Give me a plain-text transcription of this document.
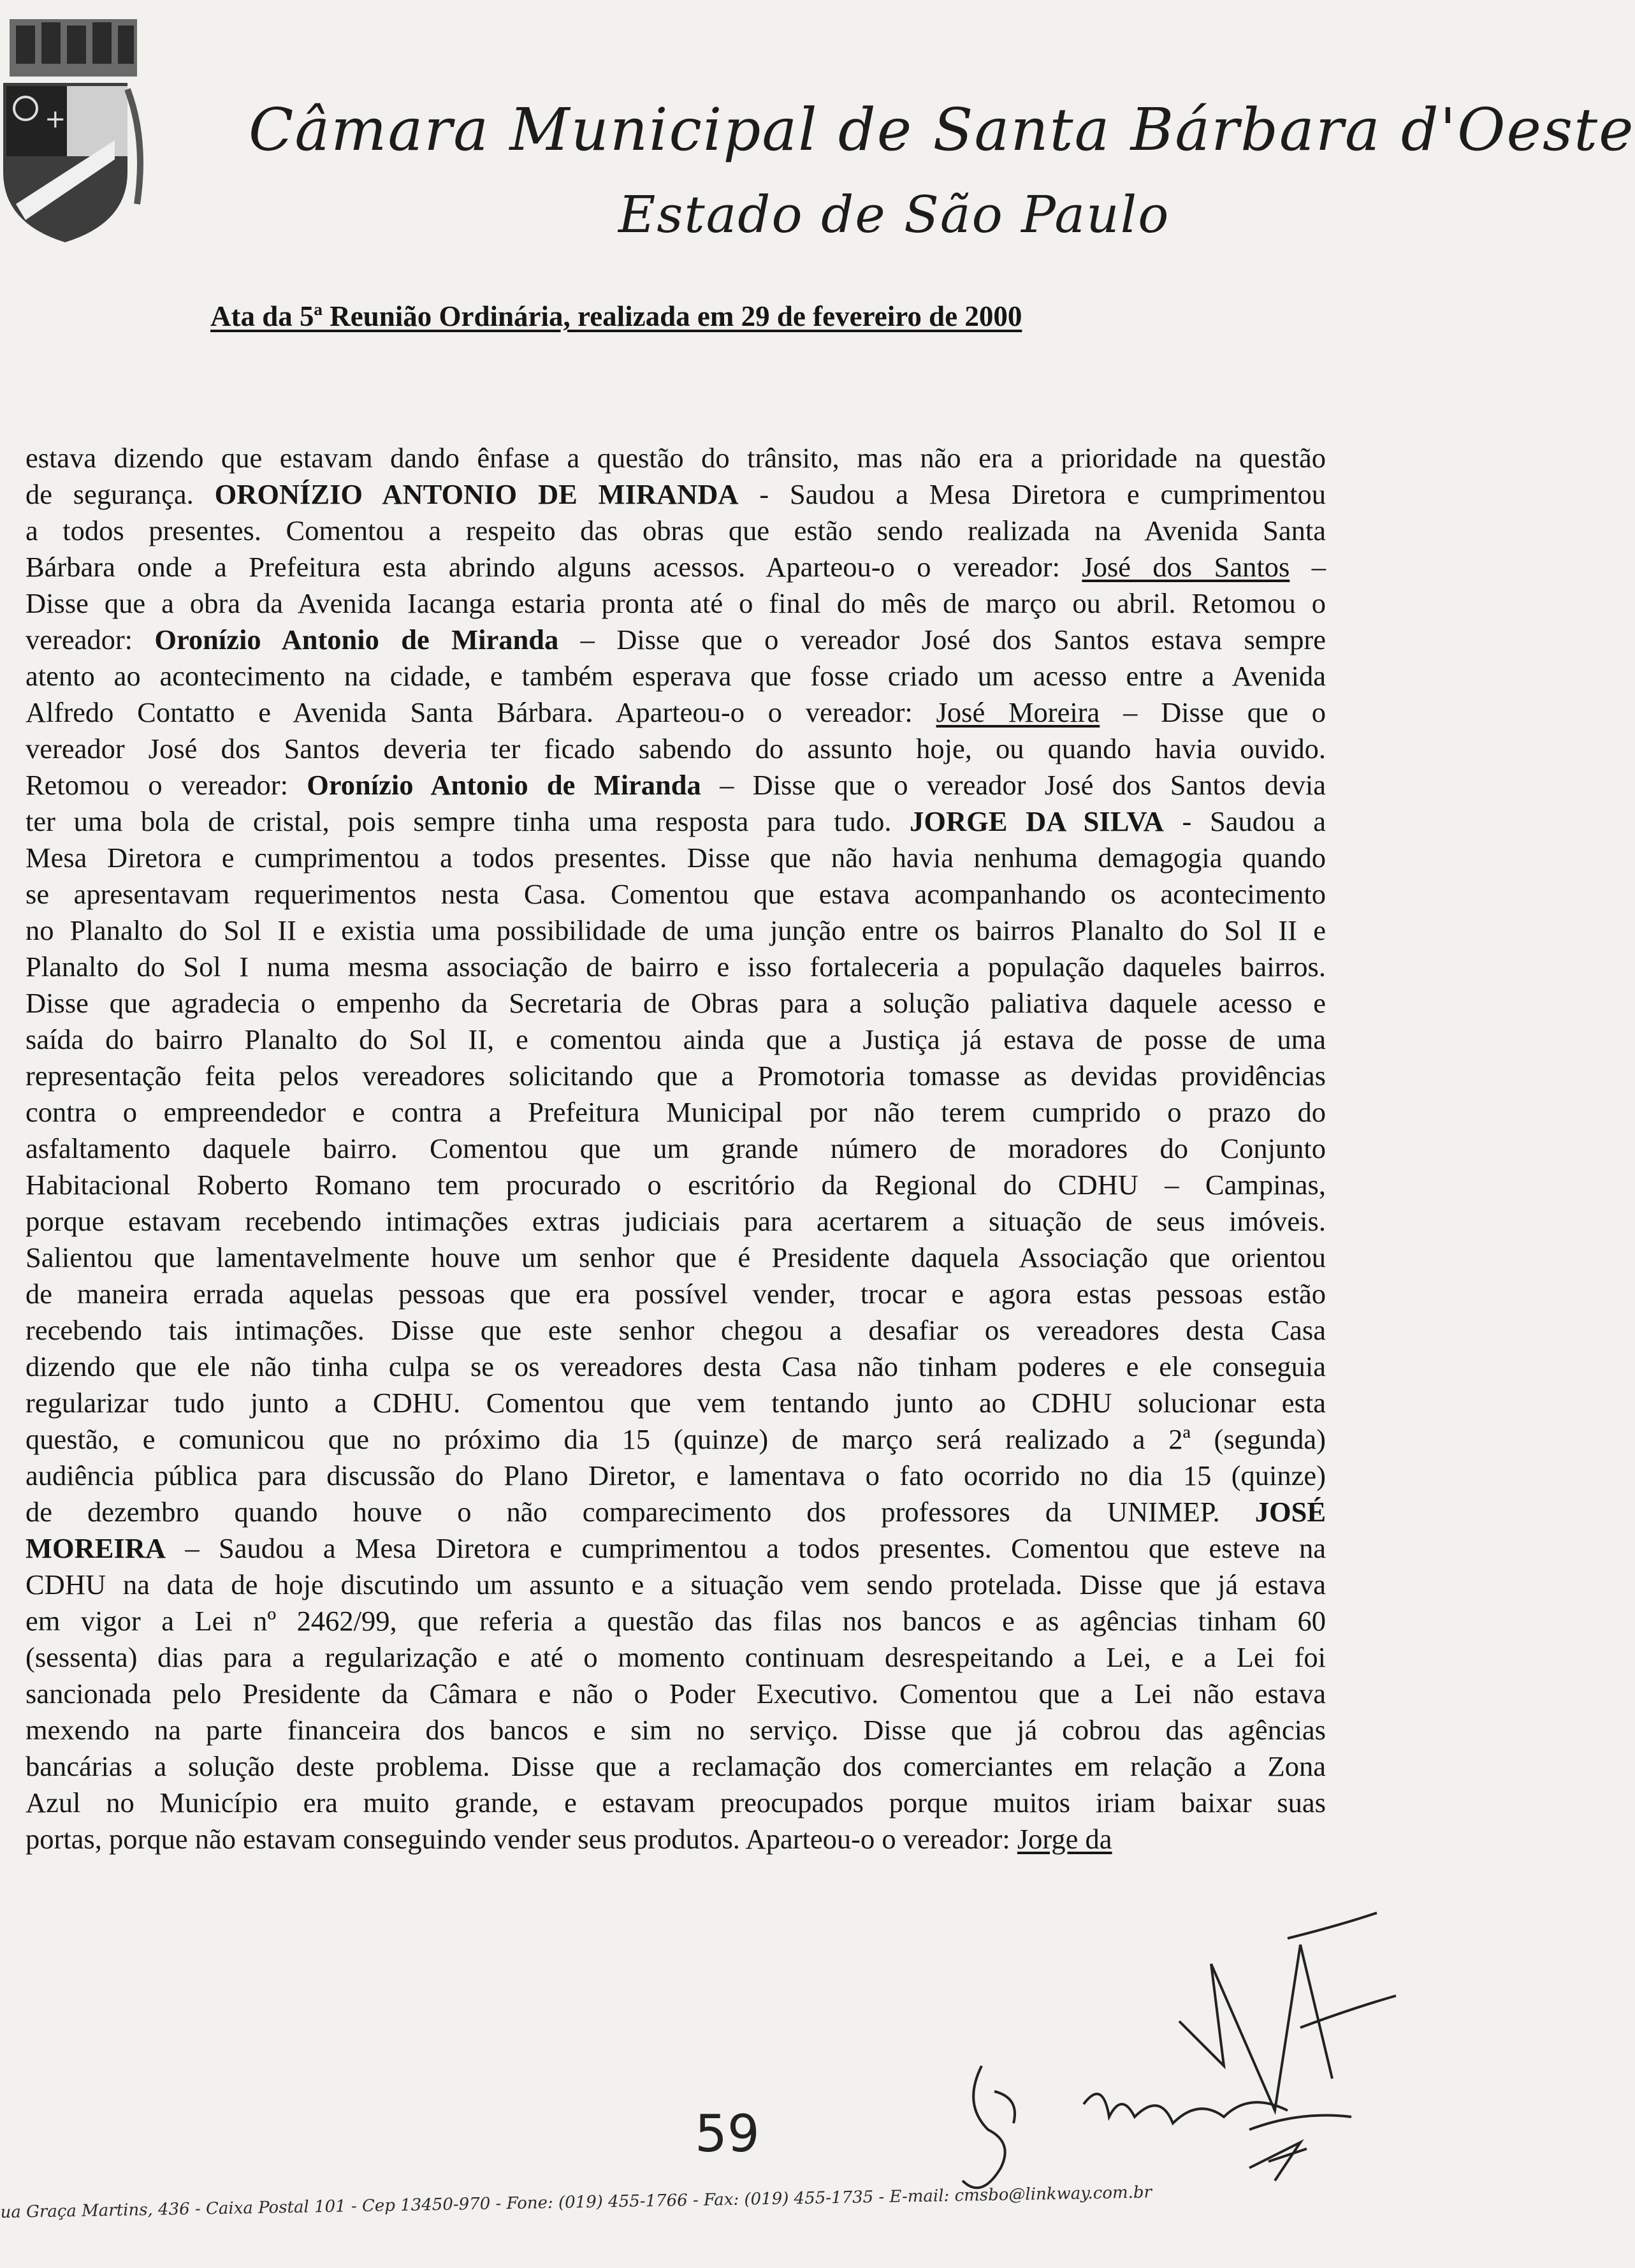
+	Câmara Municipal de Santa Bárbara d'Oeste
Estado de São Paulo
Ata da 5ª Reunião Ordinária, realizada em 29 de fevereiro de 2000
estava dizendo que estavam dando ênfase a questão do trânsito, mas não era a prioridade na questão
de segurança. ORONÍZIO ANTONIO DE MIRANDA - Saudou a Mesa Diretora e cumprimentou
a todos presentes. Comentou a respeito das obras que estão sendo realizada na Avenida Santa
Bárbara onde a Prefeitura esta abrindo alguns acessos. Aparteou-o o vereador: José dos Santos –
Disse que a obra da Avenida Iacanga estaria pronta até o final do mês de março ou abril. Retomou o
vereador: Oronízio Antonio de Miranda – Disse que o vereador José dos Santos estava sempre
atento ao acontecimento na cidade, e também esperava que fosse criado um acesso entre a Avenida
Alfredo Contatto e Avenida Santa Bárbara. Aparteou-o o vereador: José Moreira – Disse que o
vereador José dos Santos deveria ter ficado sabendo do assunto hoje, ou quando havia ouvido.
Retomou o vereador: Oronízio Antonio de Miranda – Disse que o vereador José dos Santos devia
ter uma bola de cristal, pois sempre tinha uma resposta para tudo. JORGE DA SILVA - Saudou a
Mesa Diretora e cumprimentou a todos presentes. Disse que não havia nenhuma demagogia quando
se apresentavam requerimentos nesta Casa. Comentou que estava acompanhando os acontecimento
no Planalto do Sol II e existia uma possibilidade de uma junção entre os bairros Planalto do Sol II e
Planalto do Sol I numa mesma associação de bairro e isso fortaleceria a população daqueles bairros.
Disse que agradecia o empenho da Secretaria de Obras para a solução paliativa daquele acesso e
saída do bairro Planalto do Sol II, e comentou ainda que a Justiça já estava de posse de uma
representação feita pelos vereadores solicitando que a Promotoria tomasse as devidas providências
contra o empreendedor e contra a Prefeitura Municipal por não terem cumprido o prazo do
asfaltamento daquele bairro. Comentou que um grande número de moradores do Conjunto
Habitacional Roberto Romano tem procurado o escritório da Regional do CDHU – Campinas,
porque estavam recebendo intimações extras judiciais para acertarem a situação de seus imóveis.
Salientou que lamentavelmente houve um senhor que é Presidente daquela Associação que orientou
de maneira errada aquelas pessoas que era possível vender, trocar e agora estas pessoas estão
recebendo tais intimações. Disse que este senhor chegou a desafiar os vereadores desta Casa
dizendo que ele não tinha culpa se os vereadores desta Casa não tinham poderes e ele conseguia
regularizar tudo junto a CDHU. Comentou que vem tentando junto ao CDHU solucionar esta
questão, e comunicou que no próximo dia 15 (quinze) de março será realizado a 2ª (segunda)
audiência pública para discussão do Plano Diretor, e lamentava o fato ocorrido no dia 15 (quinze)
de dezembro quando houve o não comparecimento dos professores da UNIMEP. JOSÉ
MOREIRA – Saudou a Mesa Diretora e cumprimentou a todos presentes. Comentou que esteve na
CDHU na data de hoje discutindo um assunto e a situação vem sendo protelada. Disse que já estava
em vigor a Lei nº 2462/99, que referia a questão das filas nos bancos e as agências tinham 60
(sessenta) dias para a regularização e até o momento continuam desrespeitando a Lei, e a Lei foi
sancionada pelo Presidente da Câmara e não o Poder Executivo. Comentou que a Lei não estava
mexendo na parte financeira dos bancos e sim no serviço. Disse que já cobrou das agências
bancárias a solução deste problema. Disse que a reclamação dos comerciantes em relação a Zona
Azul no Município era muito grande, e estavam preocupados porque muitos iriam baixar suas
portas, porque não estavam conseguindo vender seus produtos. Aparteou-o o vereador: Jorge da
59
ua Graça Martins, 436 - Caixa Postal 101 - Cep 13450-970 - Fone: (019) 455-1766 - Fax: (019) 455-1735 - E-mail: cmsbo@linkway.com.br
